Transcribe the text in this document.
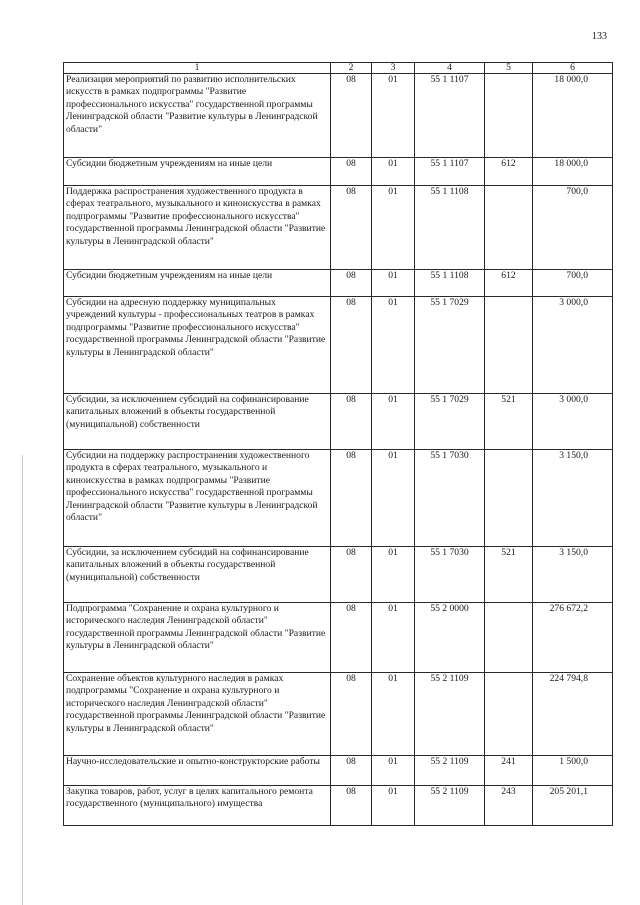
133
1	2	3	4	5	6
Реализация мероприятий по развитию исполнительских искусств в рамках подпрограммы "Развитие профессионального искусства" государственной программы Ленинградской области "Развитие культуры в Ленинградской области"	08	01	55 1 1107		18 000,0
Субсидии бюджетным учреждениям на иные цели	08	01	55 1 1107	612	18 000,0
Поддержка распространения художественного продукта в сферах театрального, музыкального и киноискусства в рамках подпрограммы "Развитие профессионального искусства" государственной программы Ленинградской области "Развитие культуры в Ленинградской области"	08	01	55 1 1108		700,0
Субсидии бюджетным учреждениям на иные цели	08	01	55 1 1108	612	700,0
Субсидии на адресную поддержку муниципальных учреждений культуры - профессиональных театров в рамках подпрограммы "Развитие профессионального искусства" государственной программы Ленинградской области "Развитие культуры в Ленинградской области"	08	01	55 1 7029		3 000,0
Субсидии, за исключением субсидий на софинансирование капитальных вложений в объекты государственной (муниципальной) собственности	08	01	55 1 7029	521	3 000,0
Субсидии на поддержку распространения художественного продукта в сферах театрального, музыкального и киноискусства в рамках подпрограммы "Развитие профессионального искусства" государственной программы Ленинградской области "Развитие культуры в Ленинградской области"	08	01	55 1 7030		3 150,0
Субсидии, за исключением субсидий на софинансирование капитальных вложений в объекты государственной (муниципальной) собственности	08	01	55 1 7030	521	3 150,0
Подпрограмма "Сохранение и охрана культурного и исторического наследия Ленинградской области" государственной программы Ленинградской области "Развитие культуры в Ленинградской области"	08	01	55 2 0000		276 672,2
Сохранение объектов культурного наследия в рамках подпрограммы "Сохранение и охрана культурного и исторического наследия Ленинградской области" государственной программы Ленинградской области "Развитие культуры в Ленинградской области"	08	01	55 2 1109		224 794,8
Научно-исследовательские и опытно-конструкторские работы	08	01	55 2 1109	241	1 500,0
Закупка товаров, работ, услуг в целях капитального ремонта государственного (муниципального) имущества	08	01	55 2 1109	243	205 201,1
